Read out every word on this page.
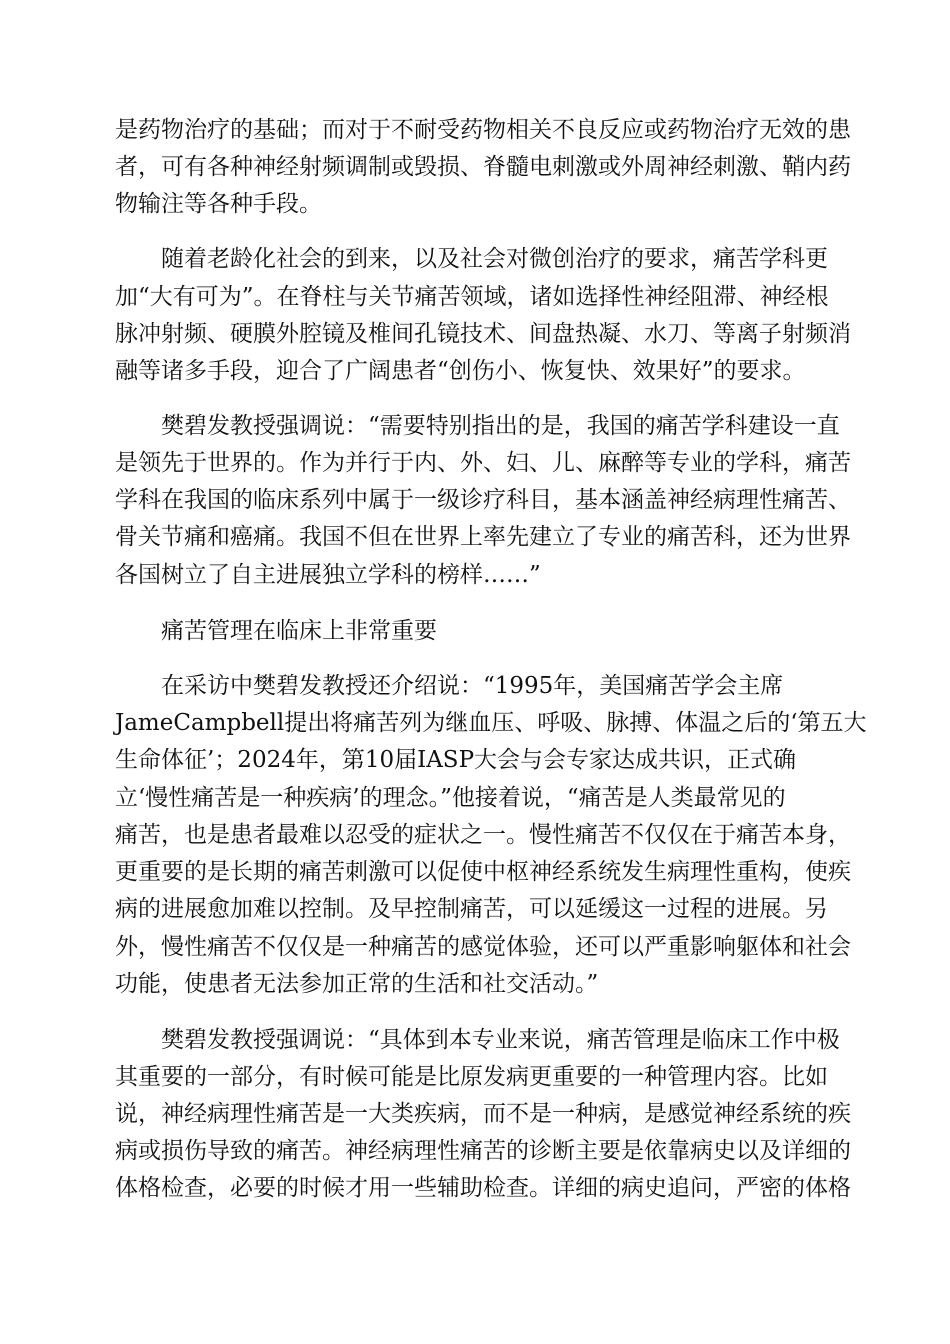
是药物治疗的基础；而对于不耐受药物相关不良反应或药物治疗无效的患
者，可有各种神经射频调制或毁损、脊髓电刺激或外周神经刺激、鞘内药
物输注等各种手段。
　　随着老龄化社会的到来，以及社会对微创治疗的要求，痛苦学科更
加“大有可为”。在脊柱与关节痛苦领域，诸如选择性神经阻滞、神经根
脉冲射频、硬膜外腔镜及椎间孔镜技术、间盘热凝、水刀、等离子射频消
融等诸多手段，迎合了广阔患者“创伤小、恢复快、效果好”的要求。
　　樊碧发教授强调说：“需要特别指出的是，我国的痛苦学科建设一直
是领先于世界的。作为并行于内、外、妇、儿、麻醉等专业的学科，痛苦
学科在我国的临床系列中属于一级诊疗科目，基本涵盖神经病理性痛苦、
骨关节痛和癌痛。我国不但在世界上率先建立了专业的痛苦科，还为世界
各国树立了自主进展独立学科的榜样……”
　　痛苦管理在临床上非常重要
　　在采访中樊碧发教授还介绍说：“1995年，美国痛苦学会主席
JameCampbell提出将痛苦列为继血压、呼吸、脉搏、体温之后的‘第五大
生命体征’；2024年，第10届IASP大会与会专家达成共识，正式确
立‘慢性痛苦是一种疾病’的理念。”他接着说，“痛苦是人类最常见的
痛苦，也是患者最难以忍受的症状之一。慢性痛苦不仅仅在于痛苦本身，
更重要的是长期的痛苦刺激可以促使中枢神经系统发生病理性重构，使疾
病的进展愈加难以控制。及早控制痛苦，可以延缓这一过程的进展。另
外，慢性痛苦不仅仅是一种痛苦的感觉体验，还可以严重影响躯体和社会
功能，使患者无法参加正常的生活和社交活动。”
　　樊碧发教授强调说：“具体到本专业来说，痛苦管理是临床工作中极
其重要的一部分，有时候可能是比原发病更重要的一种管理内容。比如
说，神经病理性痛苦是一大类疾病，而不是一种病，是感觉神经系统的疾
病或损伤导致的痛苦。神经病理性痛苦的诊断主要是依靠病史以及详细的
体格检查，必要的时候才用一些辅助检查。详细的病史追问，严密的体格
